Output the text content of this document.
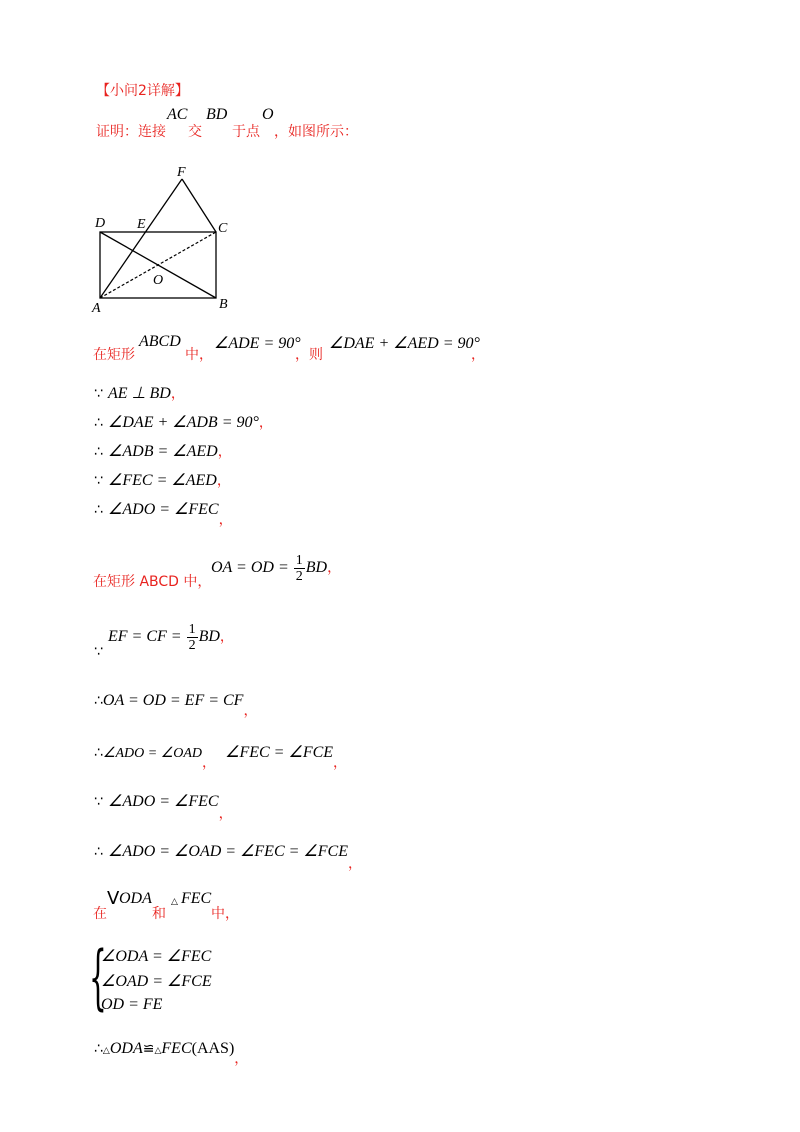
【小问2详解】
证明：连接
AC
交
BD
于点
O
，如图所示：
F
D E	C
O
A	B
在矩形
ABCD
中，
∠ADE = 90°
，则
∠DAE + ∠AED = 90°
，
∵ AE ⊥ BD，
∴ ∠DAE + ∠ADB = 90°，
∴ ∠ADB = ∠AED，
∵ ∠FEC = ∠AED，
∴ ∠ADO = ∠FEC，
在矩形 ABCD 中，
OA = OD = $\frac{1}{2}$ BD，
∵
EF = CF = $\frac{1}{2}$ BD，
∴OA = OD = EF = CF，
∴∠ADO = ∠OAD， ∠FEC = ∠FCE，
∵ ∠ADO = ∠FEC，
∴ ∠ADO = ∠OAD = ∠FEC = ∠FCE，
在
V ODA
和
△ FEC
中，
{
∠ODA = ∠FEC
∠OAD = ∠FCE
OD = FE
∴△ODA≌△FEC(AAS)，
